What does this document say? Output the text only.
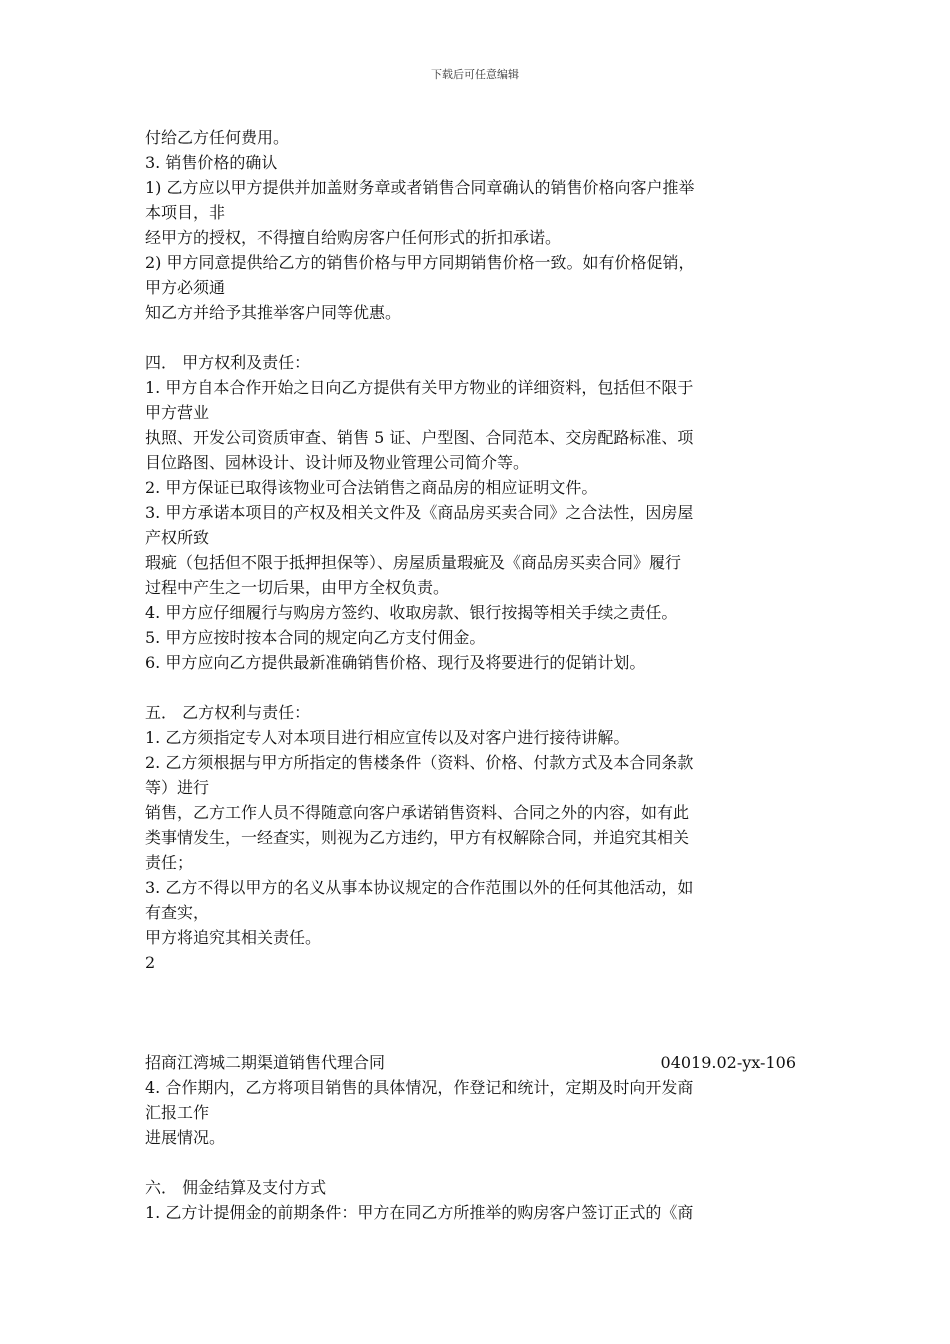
下载后可任意编辑
付给乙方任何费用。
3. 销售价格的确认
1) 乙方应以甲方提供并加盖财务章或者销售合同章确认的销售价格向客户推举
本项目，非
经甲方的授权，不得擅自给购房客户任何形式的折扣承诺。
2) 甲方同意提供给乙方的销售价格与甲方同期销售价格一致。如有价格促销，
甲方必须通
知乙方并给予其推举客户同等优惠。
四． 甲方权利及责任：
1. 甲方自本合作开始之日向乙方提供有关甲方物业的详细资料，包括但不限于
甲方营业
执照、开发公司资质审查、销售 5 证、户型图、合同范本、交房配路标准、项
目位路图、园林设计、设计师及物业管理公司简介等。
2. 甲方保证已取得该物业可合法销售之商品房的相应证明文件。
3. 甲方承诺本项目的产权及相关文件及《商品房买卖合同》之合法性，因房屋
产权所致
瑕疵（包括但不限于抵押担保等）、房屋质量瑕疵及《商品房买卖合同》履行
过程中产生之一切后果，由甲方全权负责。
4. 甲方应仔细履行与购房方签约、收取房款、银行按揭等相关手续之责任。
5. 甲方应按时按本合同的规定向乙方支付佣金。
6. 甲方应向乙方提供最新准确销售价格、现行及将要进行的促销计划。
五． 乙方权利与责任：
1. 乙方须指定专人对本项目进行相应宣传以及对客户进行接待讲解。
2. 乙方须根据与甲方所指定的售楼条件（资料、价格、付款方式及本合同条款
等）进行
销售，乙方工作人员不得随意向客户承诺销售资料、合同之外的内容，如有此
类事情发生，一经查实，则视为乙方违约，甲方有权解除合同，并追究其相关
责任；
3. 乙方不得以甲方的名义从事本协议规定的合作范围以外的任何其他活动，如
有查实，
甲方将追究其相关责任。
2
招商江湾城二期渠道销售代理合同	04019.02-yx-106
4. 合作期内，乙方将项目销售的具体情况，作登记和统计，定期及时向开发商
汇报工作
进展情况。
六． 佣金结算及支付方式
1. 乙方计提佣金的前期条件：甲方在同乙方所推举的购房客户签订正式的《商
